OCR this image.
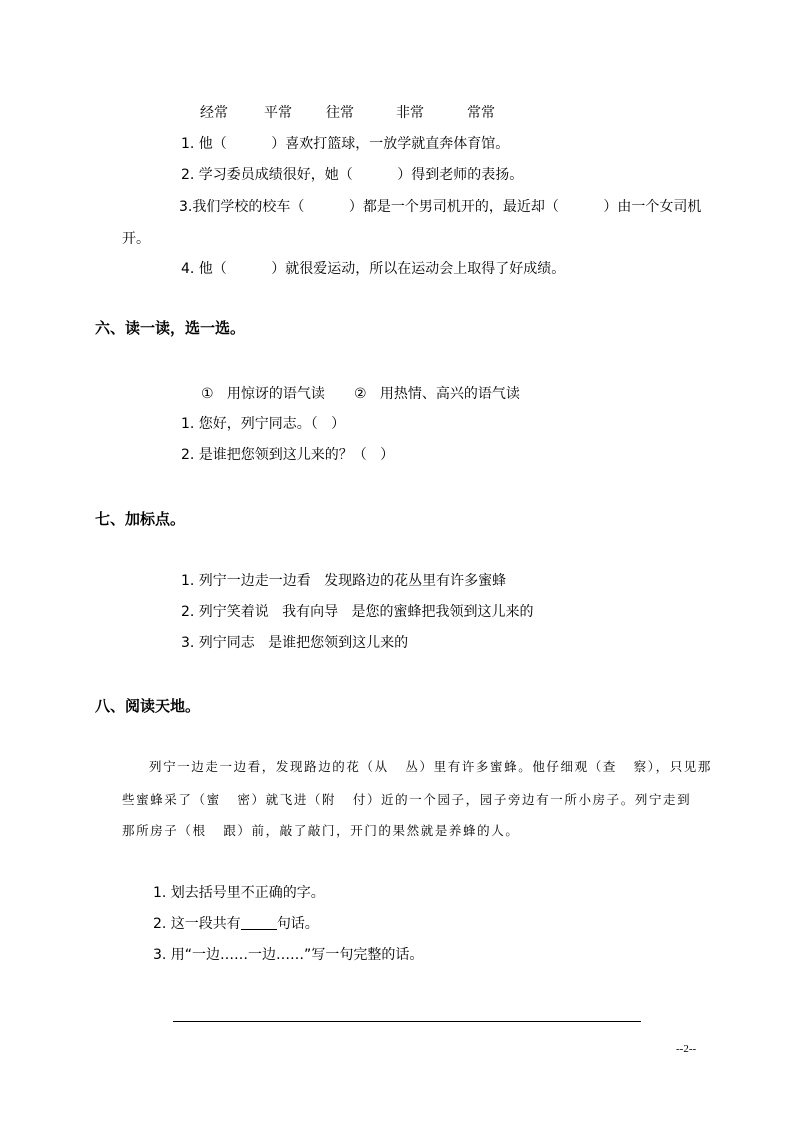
经常	平常 往常	非常	常常
1. 他（          ）喜欢打篮球，一放学就直奔体育馆。
2. 学习委员成绩很好，她（          ）得到老师的表扬。
3.我们学校的校车（          ）都是一个男司机开的，最近却（          ）由一个女司机
开。
4. 他（          ）就很爱运动，所以在运动会上取得了好成绩。
六、读一读，选一选。
①   用惊讶的语气读 ②   用热情、高兴的语气读
1. 您好，列宁同志。（   ）
2. 是谁把您领到这儿来的？（   ）
七、加标点。
1. 列宁一边走一边看   发现路边的花丛里有许多蜜蜂
2. 列宁笑着说   我有向导   是您的蜜蜂把我领到这儿来的
3. 列宁同志   是谁把您领到这儿来的
八、阅读天地。
列宁一边走一边看，发现路边的花（从   丛）里有许多蜜蜂。他仔细观（查   察），只见那
些蜜蜂采了（蜜   密）就飞进（附   付）近的一个园子，园子旁边有一所小房子。列宁走到
那所房子（根   跟）前，敲了敲门，开门的果然就是养蜂的人。
1. 划去括号里不正确的字。
2. 这一段共有	句话。
3. 用“一边……一边……”写一句完整的话。
--2--
